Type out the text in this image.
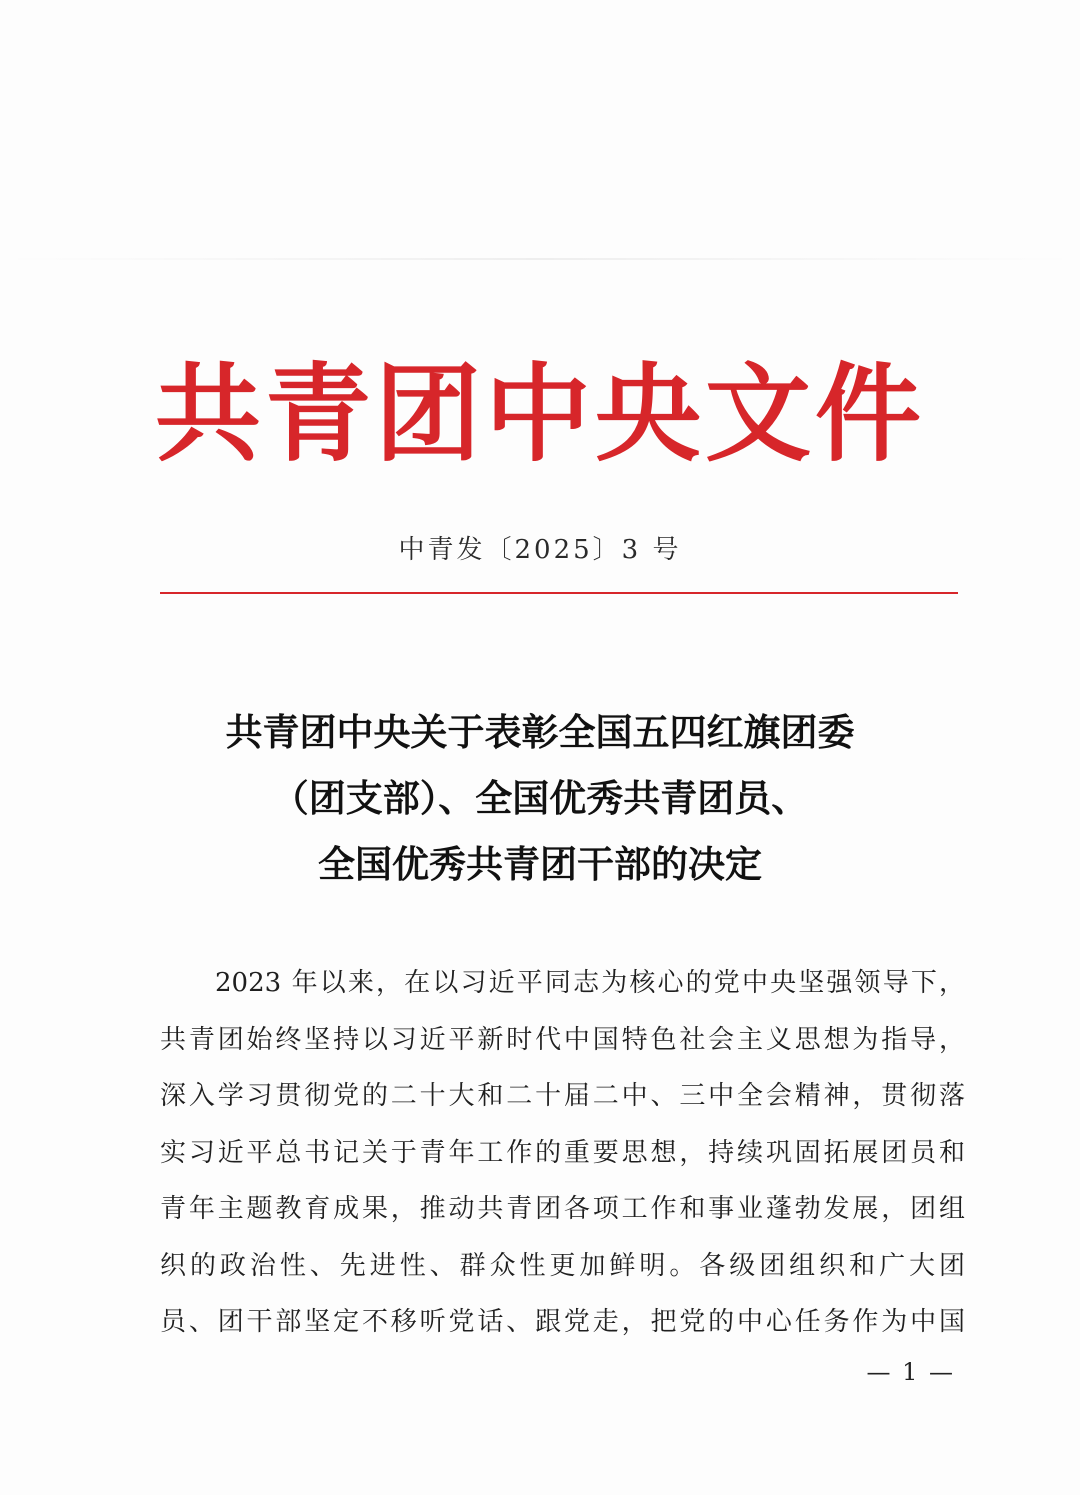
共青团中央文件
中青发〔2025〕3 号
共青团中央关于表彰全国五四红旗团委
（团支部）、全国优秀共青团员、
全国优秀共青团干部的决定
2023 年以来，在以习近平同志为核心的党中央坚强领导下，
共青团始终坚持以习近平新时代中国特色社会主义思想为指导，
深入学习贯彻党的二十大和二十届二中、三中全会精神，贯彻落
实习近平总书记关于青年工作的重要思想，持续巩固拓展团员和
青年主题教育成果，推动共青团各项工作和事业蓬勃发展，团组
织的政治性、先进性、群众性更加鲜明。各级团组织和广大团
员、团干部坚定不移听党话、跟党走，把党的中心任务作为中国
— 1 —
